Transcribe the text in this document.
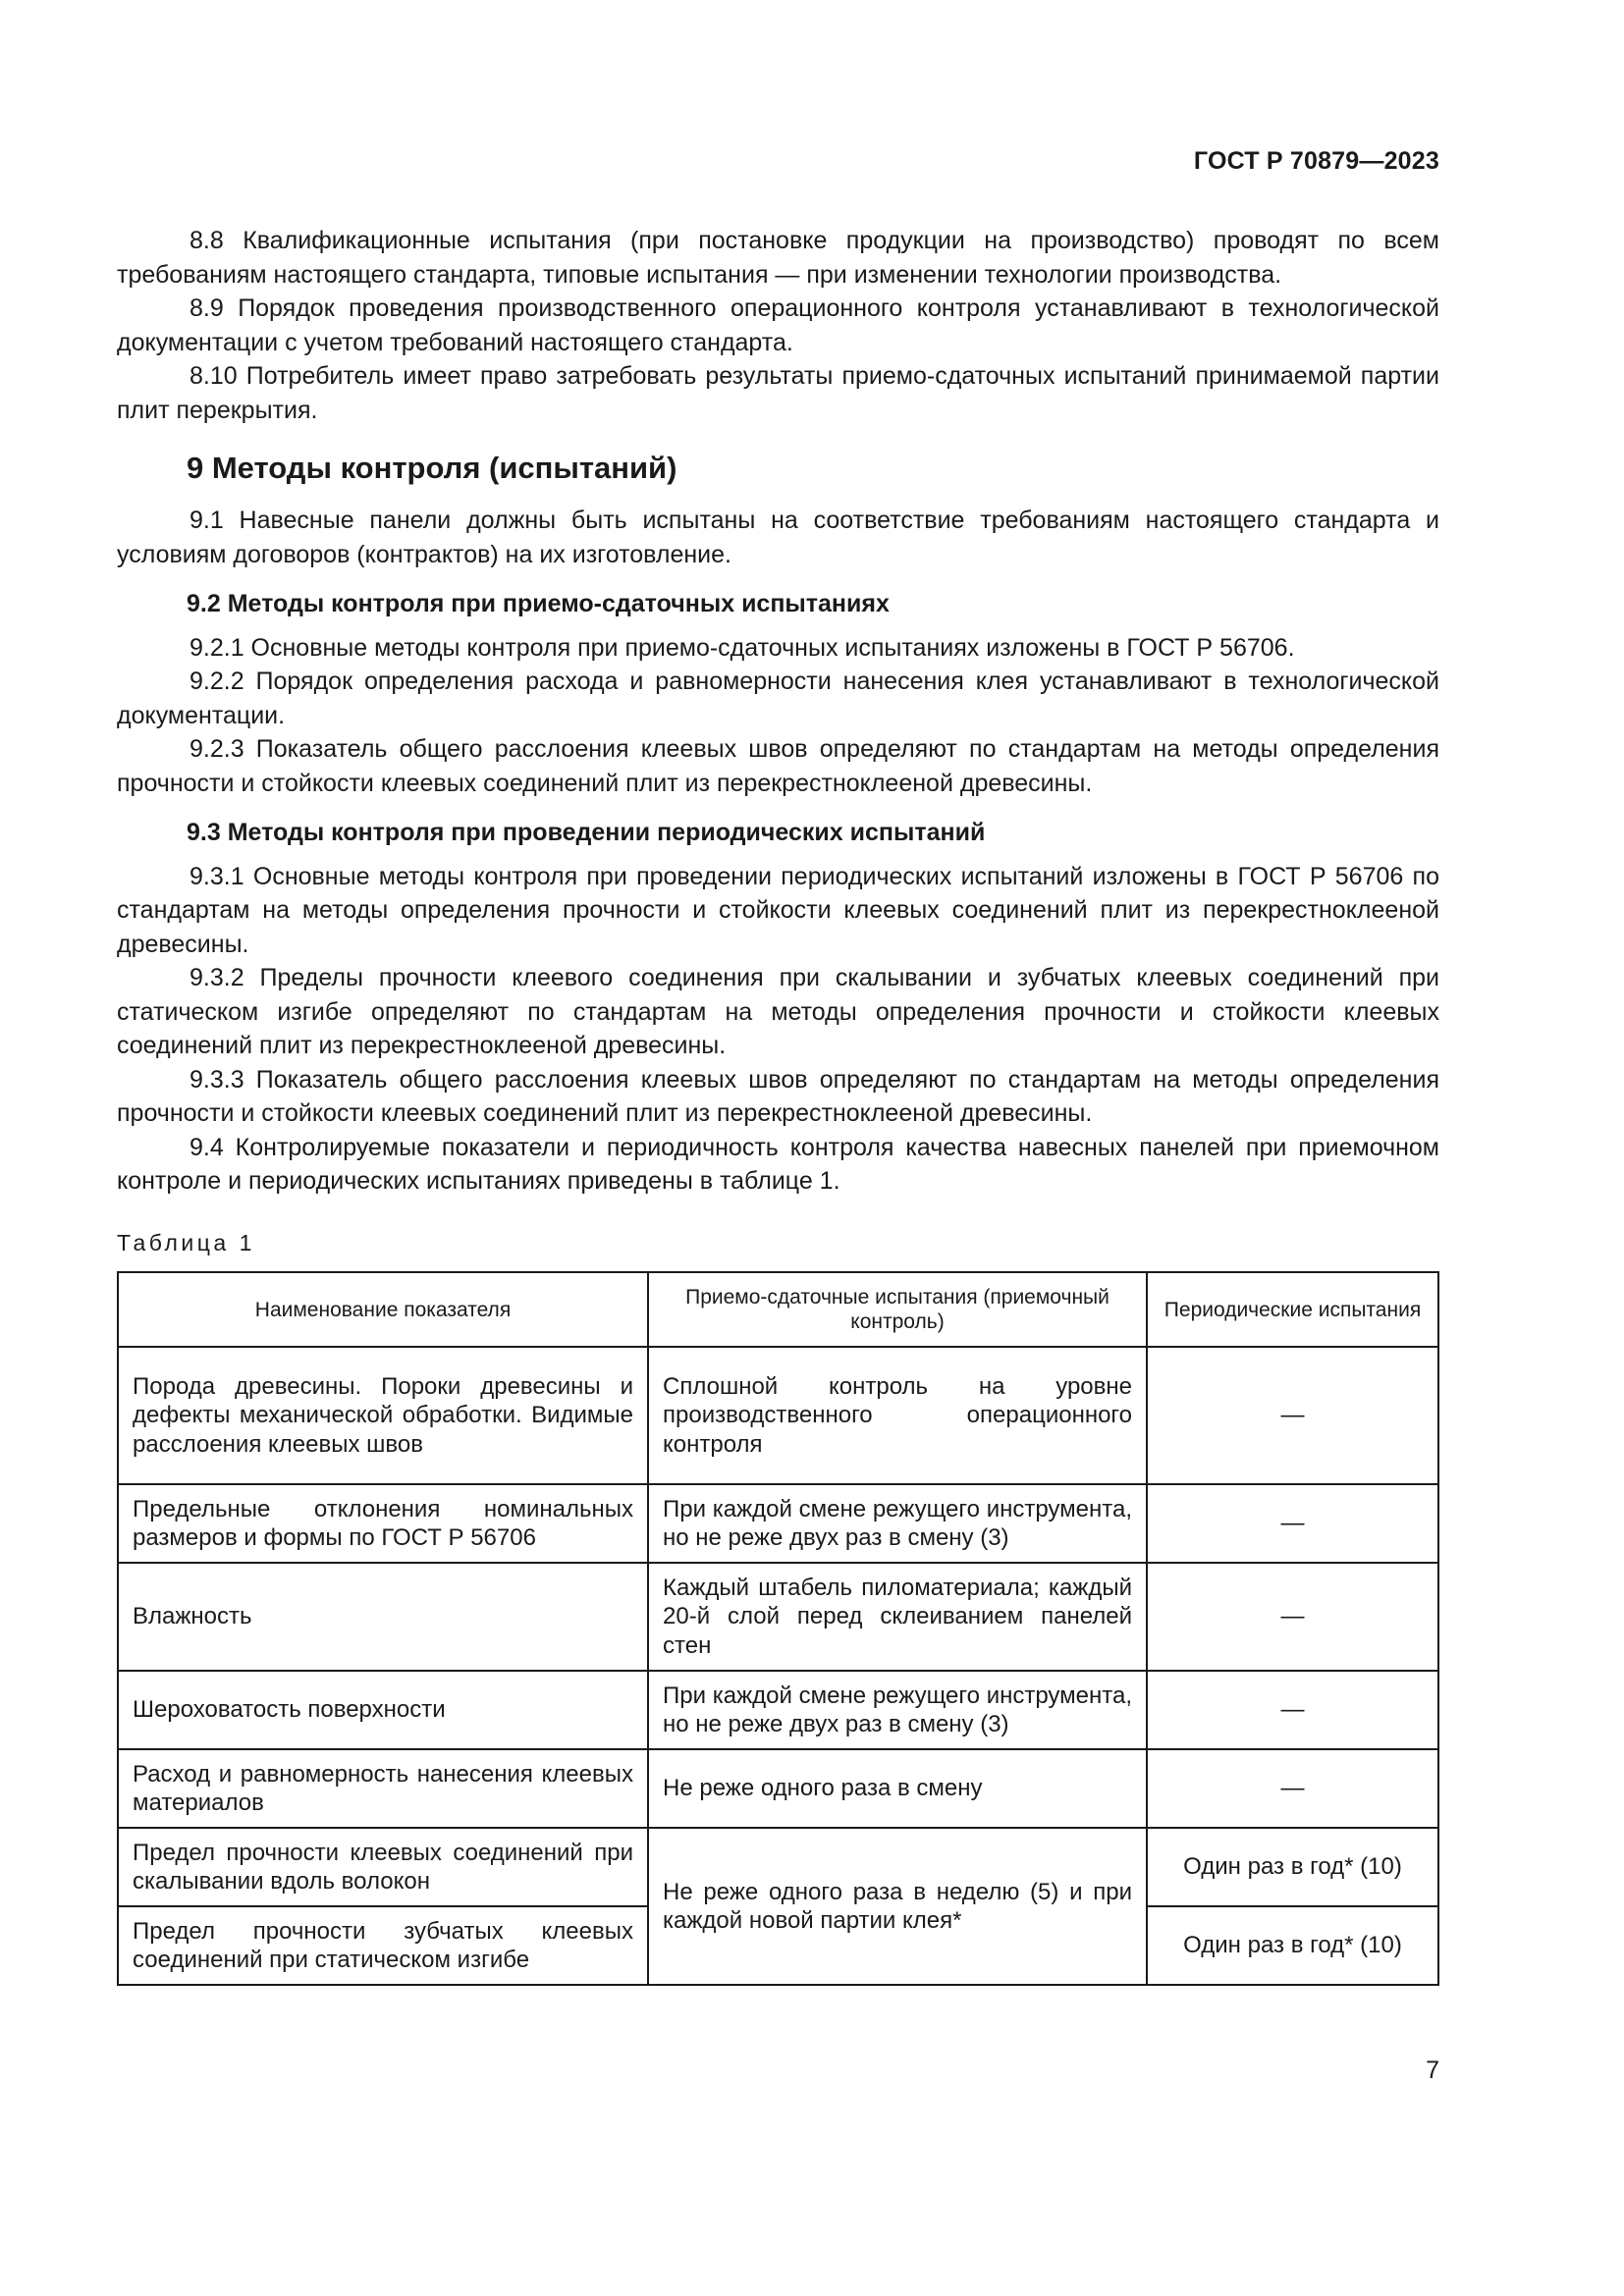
ГОСТ Р 70879—2023

8.8 Квалификационные испытания (при постановке продукции на производство) проводят по всем требованиям настоящего стандарта, типовые испытания — при изменении технологии производства.

8.9 Порядок проведения производственного операционного контроля устанавливают в технологической документации с учетом требований настоящего стандарта.

8.10 Потребитель имеет право затребовать результаты приемо-сдаточных испытаний принимаемой партии плит перекрытия.

9 Методы контроля (испытаний)

9.1 Навесные панели должны быть испытаны на соответствие требованиям настоящего стандарта и условиям договоров (контрактов) на их изготовление.

9.2 Методы контроля при приемо-сдаточных испытаниях

9.2.1 Основные методы контроля при приемо-сдаточных испытаниях изложены в ГОСТ Р 56706.

9.2.2 Порядок определения расхода и равномерности нанесения клея устанавливают в технологической документации.

9.2.3 Показатель общего расслоения клеевых швов определяют по стандартам на методы определения прочности и стойкости клеевых соединений плит из перекрестноклееной древесины.

9.3 Методы контроля при проведении периодических испытаний

9.3.1 Основные методы контроля при проведении периодических испытаний изложены в ГОСТ Р 56706 по стандартам на методы определения прочности и стойкости клеевых соединений плит из перекрестноклееной древесины.

9.3.2 Пределы прочности клеевого соединения при скалывании и зубчатых клеевых соединений при статическом изгибе определяют по стандартам на методы определения прочности и стойкости клеевых соединений плит из перекрестноклееной древесины.

9.3.3 Показатель общего расслоения клеевых швов определяют по стандартам на методы определения прочности и стойкости клеевых соединений плит из перекрестноклееной древесины.

9.4 Контролируемые показатели и периодичность контроля качества навесных панелей при приемочном контроле и периодических испытаниях приведены в таблице 1.

Таблица 1
Наименование показателя	Приемо-сдаточные испытания (приемочный контроль)	Периодические испытания
Порода древесины. Пороки древесины и дефекты механической обработки. Видимые расслоения клеевых швов	Сплошной контроль на уровне производственного операционного контроля	—
Предельные отклонения номинальных размеров и формы по ГОСТ Р 56706	При каждой смене режущего инструмента, но не реже двух раз в смену (3)	—
Влажность	Каждый штабель пиломатериала; каждый 20-й слой перед склеиванием панелей стен	—
Шероховатость поверхности	При каждой смене режущего инструмента, но не реже двух раз в смену (3)	—
Расход и равномерность нанесения клеевых материалов	Не реже одного раза в смену	—
Предел прочности клеевых соединений при скалывании вдоль волокон	Не реже одного раза в неделю (5) и при каждой новой партии клея*	Один раз в год* (10)
Предел прочности зубчатых клеевых соединений при статическом изгибе		Один раз в год* (10)
7
